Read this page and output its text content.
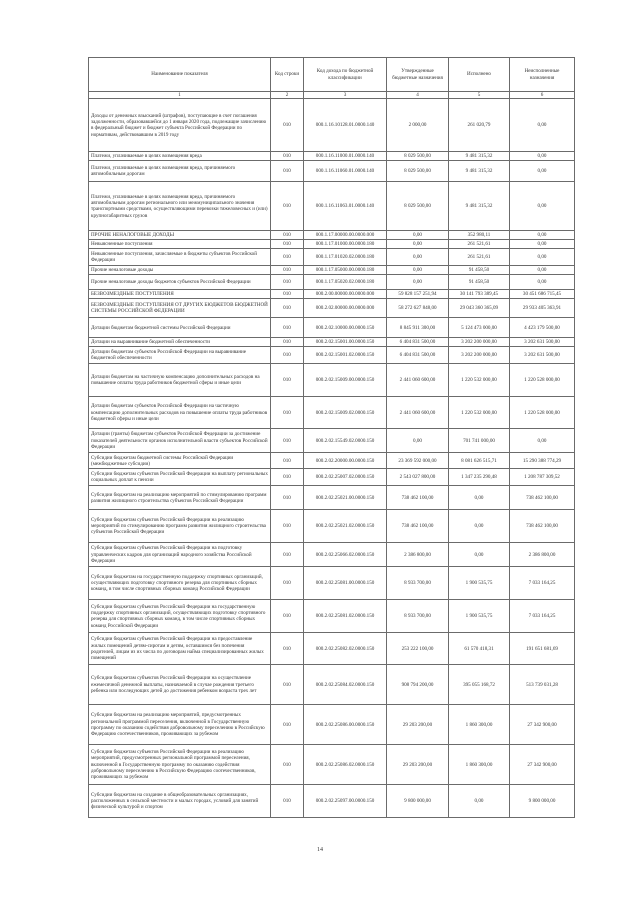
Наименование показателя	Код строки	Код дохода по бюджетной классификации	Утвержденные бюджетные назначения	Исполнено	Неисполненные назначения
1	2	3	4	5	6
Доходы от денежных взысканий (штрафов), поступающие в счет погашения задолженности, образовавшейся до 1 января 2020 года, подлежащие зачислению в федеральный бюджет и бюджет субъекта Российской Федерации по нормативам, действовавшим в 2019 году	010	000.1.16.10128.01.0000.140	2 000,00	261 020,79	0,00
Платежи, уплачиваемые в целях возмещения вреда	010	000.1.16.11000.01.0000.140	8 029 500,00	9 481 315,32	0,00
Платежи, уплачиваемые в целях возмещения вреда, причиняемого автомобильным дорогам	010	000.1.16.11060.01.0000.140	8 029 500,00	9 481 315,32	0,00
Платежи, уплачиваемые в целях возмещения вреда, причиняемого автомобильным дорогам регионального или межмуниципального значения транспортными средствами, осуществляющими перевозки тяжеловесных и (или) крупногабаритных грузов	010	000.1.16.11063.01.0000.140	8 029 500,00	9 481 315,32	0,00
ПРОЧИЕ НЕНАЛОГОВЫЕ ДОХОДЫ	010	000.1.17.00000.00.0000.000	0,00	352 980,11	0,00
Невыясненные поступления	010	000.1.17.01000.00.0000.180	0,00	261 521,61	0,00
Невыясненные поступления, зачисляемые в бюджеты субъектов Российской Федерации	010	000.1.17.01020.02.0000.180	0,00	261 521,61	0,00
Прочие неналоговые доходы	010	000.1.17.05000.00.0000.180	0,00	91 458,50	0,00
Прочие неналоговые доходы бюджетов субъектов Российской Федерации	010	000.1.17.05020.02.0000.180	0,00	91 458,50	0,00
БЕЗВОЗМЕЗДНЫЕ ПОСТУПЛЕНИЯ	010	000.2.00.00000.00.0000.000	59 828 157 251,94	30 141 793 389,45	30 451 686 715,45
БЕЗВОЗМЕЗДНЫЕ ПОСТУПЛЕНИЯ ОТ ДРУГИХ БЮДЖЕТОВ БЮДЖЕТНОЙ СИСТЕМЫ РОССИЙСКОЙ ФЕДЕРАЦИИ	010	000.2.02.00000.00.0000.000	58 272 627 848,00	29 043 360 365,09	29 933 405 363,91
Дотации бюджетам бюджетной системы Российской Федерации	010	000.2.02.10000.00.0000.150	8 845 911 300,00	5 124 473 000,00	4 423 179 500,00
Дотации на выравнивание бюджетной обеспеченности	010	000.2.02.15001.00.0000.150	6 404 831 500,00	3 202 200 000,00	3 202 631 500,00
Дотации бюджетам субъектов Российской Федерации на выравнивание бюджетной обеспеченности	010	000.2.02.15001.02.0000.150	6 404 831 500,00	3 202 200 000,00	3 202 631 500,00
Дотации бюджетам на частичную компенсацию дополнительных расходов на повышение оплаты труда работников бюджетной сферы и иные цели	010	000.2.02.15009.00.0000.150	2 441 060 600,00	1 220 532 000,00	1 220 528 000,00
Дотации бюджетам субъектов Российской Федерации на частичную компенсацию дополнительных расходов на повышение оплаты труда работников бюджетной сферы и иные цели	010	000.2.02.15009.02.0000.150	2 441 060 600,00	1 220 532 000,00	1 220 528 000,00
Дотации (гранты) бюджетам субъектов Российской Федерации за достижение показателей деятельности органов исполнительной власти субъектов Российской Федерации	010	000.2.02.15549.02.0000.150	0,00	701 741 000,00	0,00
Субсидии бюджетам бюджетной системы Российской Федерации (межбюджетные субсидии)	010	000.2.02.20000.00.0000.150	23 369 592 000,00	8 081 626 515,71	15 290 388 774,29
Субсидии бюджетам субъектов Российской Федерации на выплату региональных социальных доплат к пенсии	010	000.2.02.25007.02.0000.150	2 543 027 800,00	1 347 235 290,48	1 208 787 309,52
Субсидии бюджетам на реализацию мероприятий по стимулированию программ развития жилищного строительства субъектов Российской Федерации	010	000.2.02.25021.00.0000.150	738 462 100,00	0,00	738 462 100,00
Субсидии бюджетам субъектов Российской Федерации на реализацию мероприятий по стимулированию программ развития жилищного строительства субъектов Российской Федерации	010	000.2.02.25021.02.0000.150	738 462 100,00	0,00	738 462 100,00
Субсидии бюджетам субъектов Российской Федерации на подготовку управленческих кадров для организаций народного хозяйства Российской Федерации	010	000.2.02.25066.02.0000.150	2 386 800,00	0,00	2 386 800,00
Субсидии бюджетам на государственную поддержку спортивных организаций, осуществляющих подготовку спортивного резерва для спортивных сборных команд, в том числе спортивных сборных команд Российской Федерации	010	000.2.02.25081.00.0000.150	8 933 700,00	1 900 535,75	7 033 164,25
Субсидии бюджетам субъектов Российской Федерации на государственную поддержку спортивных организаций, осуществляющих подготовку спортивного резерва для спортивных сборных команд, в том числе спортивных сборных команд Российской Федерации	010	000.2.02.25081.02.0000.150	8 933 700,00	1 900 535,75	7 033 164,25
Субсидии бюджетам субъектов Российской Федерации на предоставление жилых помещений детям-сиротам и детям, оставшимся без попечения родителей, лицам из их числа по договорам найма специализированных жилых помещений	010	000.2.02.25082.02.0000.150	253 222 100,00	61 570 418,31	191 651 681,69
Субсидии бюджетам субъектов Российской Федерации на осуществление ежемесячной денежной выплаты, назначаемой в случае рождения третьего ребенка или последующих детей до достижения ребенком возраста трех лет	010	000.2.02.25084.02.0000.150	908 794 200,00	395 055 168,72	513 739 031,28
Субсидии бюджетам на реализацию мероприятий, предусмотренных региональной программой переселения, включенной в Государственную программу по оказанию содействия добровольному переселению в Российскую Федерацию соотечественников, проживающих за рубежом	010	000.2.02.25086.00.0000.150	29 203 200,00	1 860 300,00	27 342 900,00
Субсидии бюджетам субъектов Российской Федерации на реализацию мероприятий, предусмотренных региональной программой переселения, включенной в Государственную программу по оказанию содействия добровольному переселению в Российскую Федерацию соотечественников, проживающих за рубежом	010	000.2.02.25086.02.0000.150	29 203 200,00	1 860 300,00	27 342 900,00
Субсидии бюджетам на создание в общеобразовательных организациях, расположенных в сельской местности и малых городах, условий для занятий физической культурой и спортом	010	000.2.02.25097.00.0000.150	9 800 000,00	0,00	9 800 000,00
14
